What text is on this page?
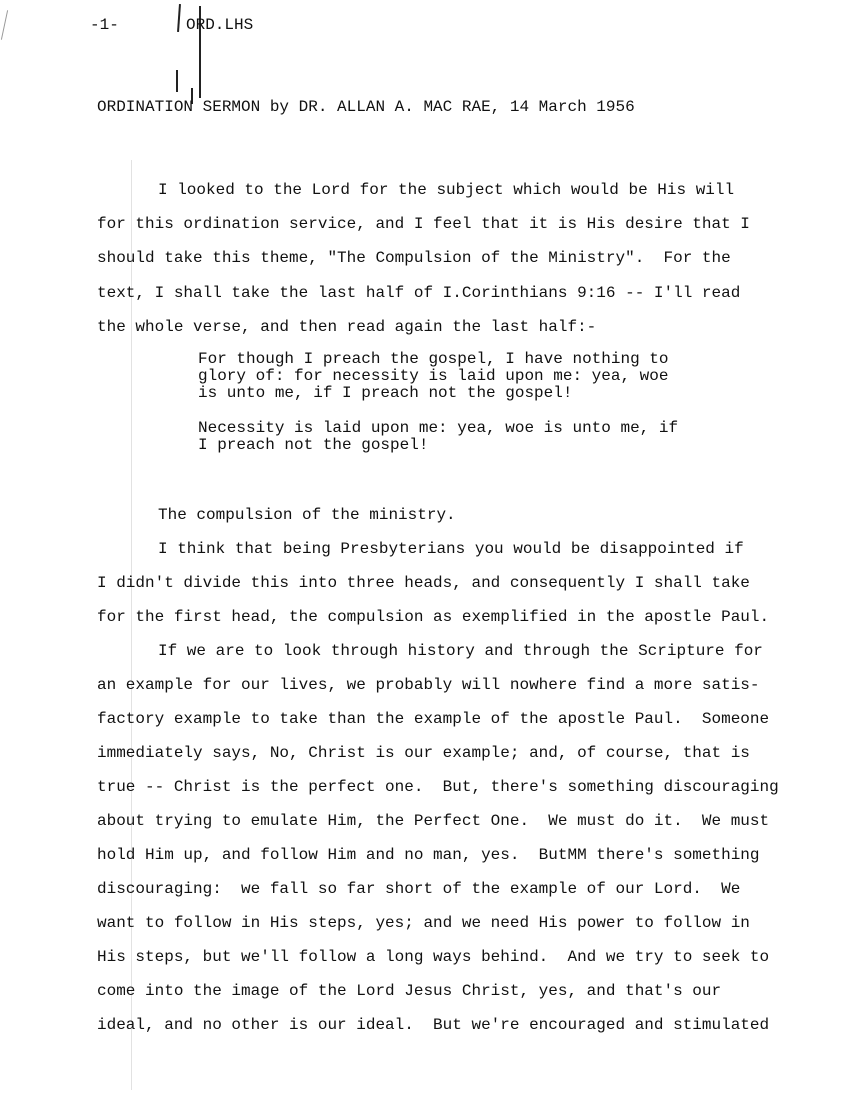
-1-	ORD.LHS
ORDINATION SERMON by DR. ALLAN A. MAC RAE, 14 March 1956
I looked to the Lord for the subject which would be His will
for this ordination service, and I feel that it is His desire that I
should take this theme, "The Compulsion of the Ministry".  For the
text, I shall take the last half of I.Corinthians 9:16 -- I'll read
the whole verse, and then read again the last half:-
For though I preach the gospel, I have nothing to
glory of: for necessity is laid upon me: yea, woe
is unto me, if I preach not the gospel!
Necessity is laid upon me: yea, woe is unto me, if
I preach not the gospel!
The compulsion of the ministry.
I think that being Presbyterians you would be disappointed if
I didn't divide this into three heads, and consequently I shall take
for the first head, the compulsion as exemplified in the apostle Paul.
If we are to look through history and through the Scripture for
an example for our lives, we probably will nowhere find a more satis-
factory example to take than the example of the apostle Paul.  Someone
immediately says, No, Christ is our example; and, of course, that is
true -- Christ is the perfect one.  But, there's something discouraging
about trying to emulate Him, the Perfect One.  We must do it.  We must
hold Him up, and follow Him and no man, yes.  ButMM there's something
discouraging:  we fall so far short of the example of our Lord.  We
want to follow in His steps, yes; and we need His power to follow in
His steps, but we'll follow a long ways behind.  And we try to seek to
come into the image of the Lord Jesus Christ, yes, and that's our
ideal, and no other is our ideal.  But we're encouraged and stimulated
